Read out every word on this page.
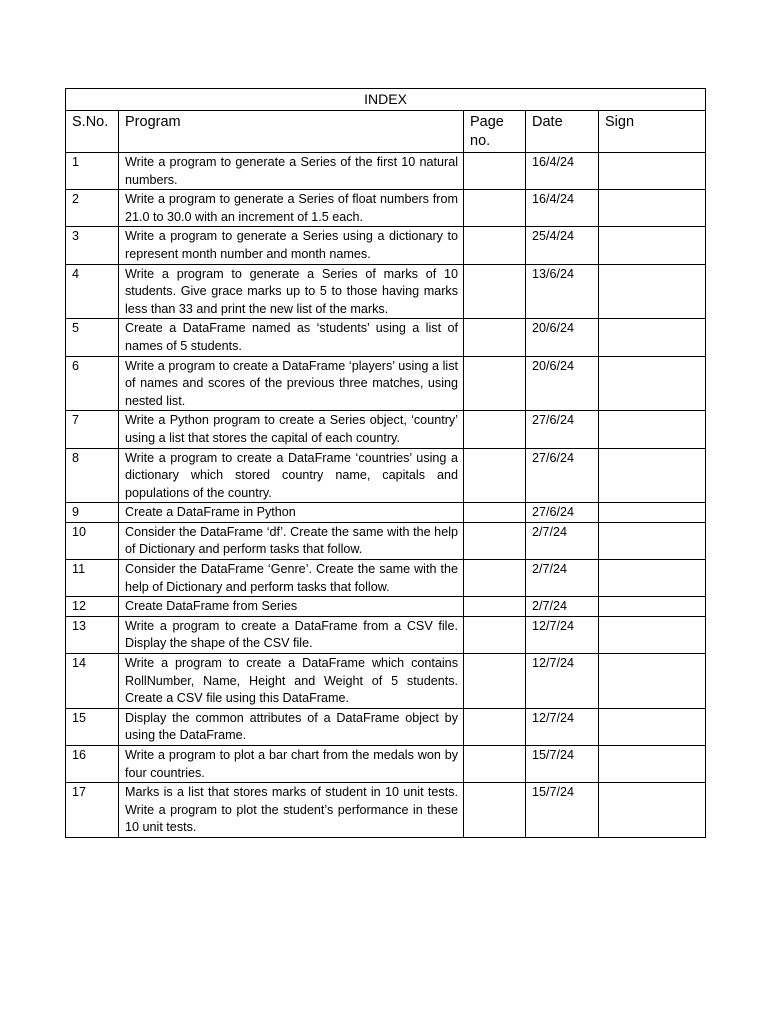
INDEX				
S.No.	Program	Page no.	Date	Sign
1	Write a program to generate a Series of the first 10 natural numbers.		16/4/24	
2	Write a program to generate a Series of float numbers from 21.0 to 30.0 with an increment of 1.5 each.		16/4/24	
3	Write a program to generate a Series using a dictionary to represent month number and month names.		25/4/24	
4	Write a program to generate a Series of marks of 10 students. Give grace marks up to 5 to those having marks less than 33 and print the new list of the marks.		13/6/24	
5	Create a DataFrame named as ‘students’ using a list of names of 5 students.		20/6/24	
6	Write a program to create a DataFrame ‘players’ using a list of names and scores of the previous three matches, using nested list.		20/6/24	
7	Write a Python program to create a Series object, ‘country’ using a list that stores the capital of each country.		27/6/24	
8	Write a program to create a DataFrame ‘countries’ using a dictionary which stored country name, capitals and populations of the country.		27/6/24	
9	Create a DataFrame in Python		27/6/24	
10	Consider the DataFrame ‘df’. Create the same with the help of Dictionary and perform tasks that follow.		2/7/24	
11	Consider the DataFrame ‘Genre’. Create the same with the help of Dictionary and perform tasks that follow.		2/7/24	
12	Create DataFrame from Series		2/7/24	
13	Write a program to create a DataFrame from a CSV file. Display the shape of the CSV file.		12/7/24	
14	Write a program to create a DataFrame which contains RollNumber, Name, Height and Weight of 5 students. Create a CSV file using this DataFrame.		12/7/24	
15	Display the common attributes of a DataFrame object by using the DataFrame.		12/7/24	
16	Write a program to plot a bar chart from the medals won by four countries.		15/7/24	
17	Marks is a list that stores marks of student in 10 unit tests. Write a program to plot the student’s performance in these 10 unit tests.		15/7/24	
